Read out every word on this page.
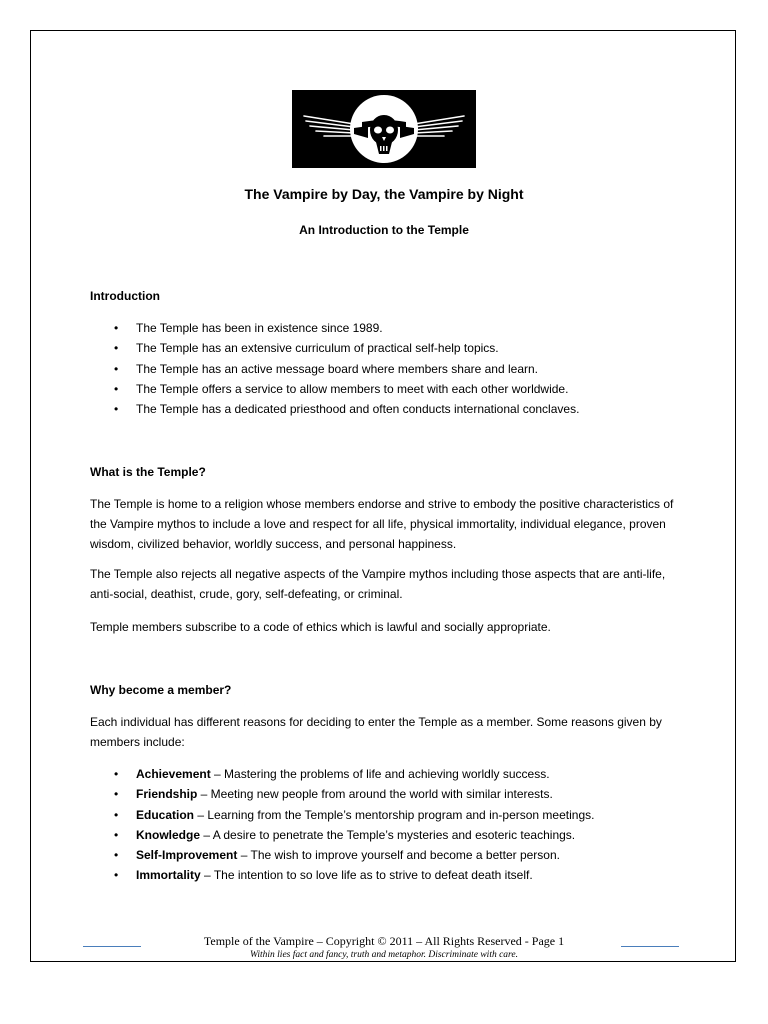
The Vampire by Day, the Vampire by Night
An Introduction to the Temple
Introduction
• The Temple has been in existence since 1989.
• The Temple has an extensive curriculum of practical self-help topics.
• The Temple has an active message board where members share and learn.
• The Temple offers a service to allow members to meet with each other worldwide.
• The Temple has a dedicated priesthood and often conducts international conclaves.
What is the Temple?
The Temple is home to a religion whose members endorse and strive to embody the positive characteristics of the Vampire mythos to include a love and respect for all life, physical immortality, individual elegance, proven wisdom, civilized behavior, worldly success, and personal happiness.
The Temple also rejects all negative aspects of the Vampire mythos including those aspects that are anti-life, anti-social, deathist, crude, gory, self-defeating, or criminal.
Temple members subscribe to a code of ethics which is lawful and socially appropriate.
Why become a member?
Each individual has different reasons for deciding to enter the Temple as a member. Some reasons given by members include:
• Achievement – Mastering the problems of life and achieving worldly success.
• Friendship – Meeting new people from around the world with similar interests.
• Education – Learning from the Temple’s mentorship program and in-person meetings.
• Knowledge – A desire to penetrate the Temple’s mysteries and esoteric teachings.
• Self-Improvement – The wish to improve yourself and become a better person.
• Immortality – The intention to so love life as to strive to defeat death itself.
Temple of the Vampire – Copyright © 2011 – All Rights Reserved - Page 1
Within lies fact and fancy, truth and metaphor. Discriminate with care.
